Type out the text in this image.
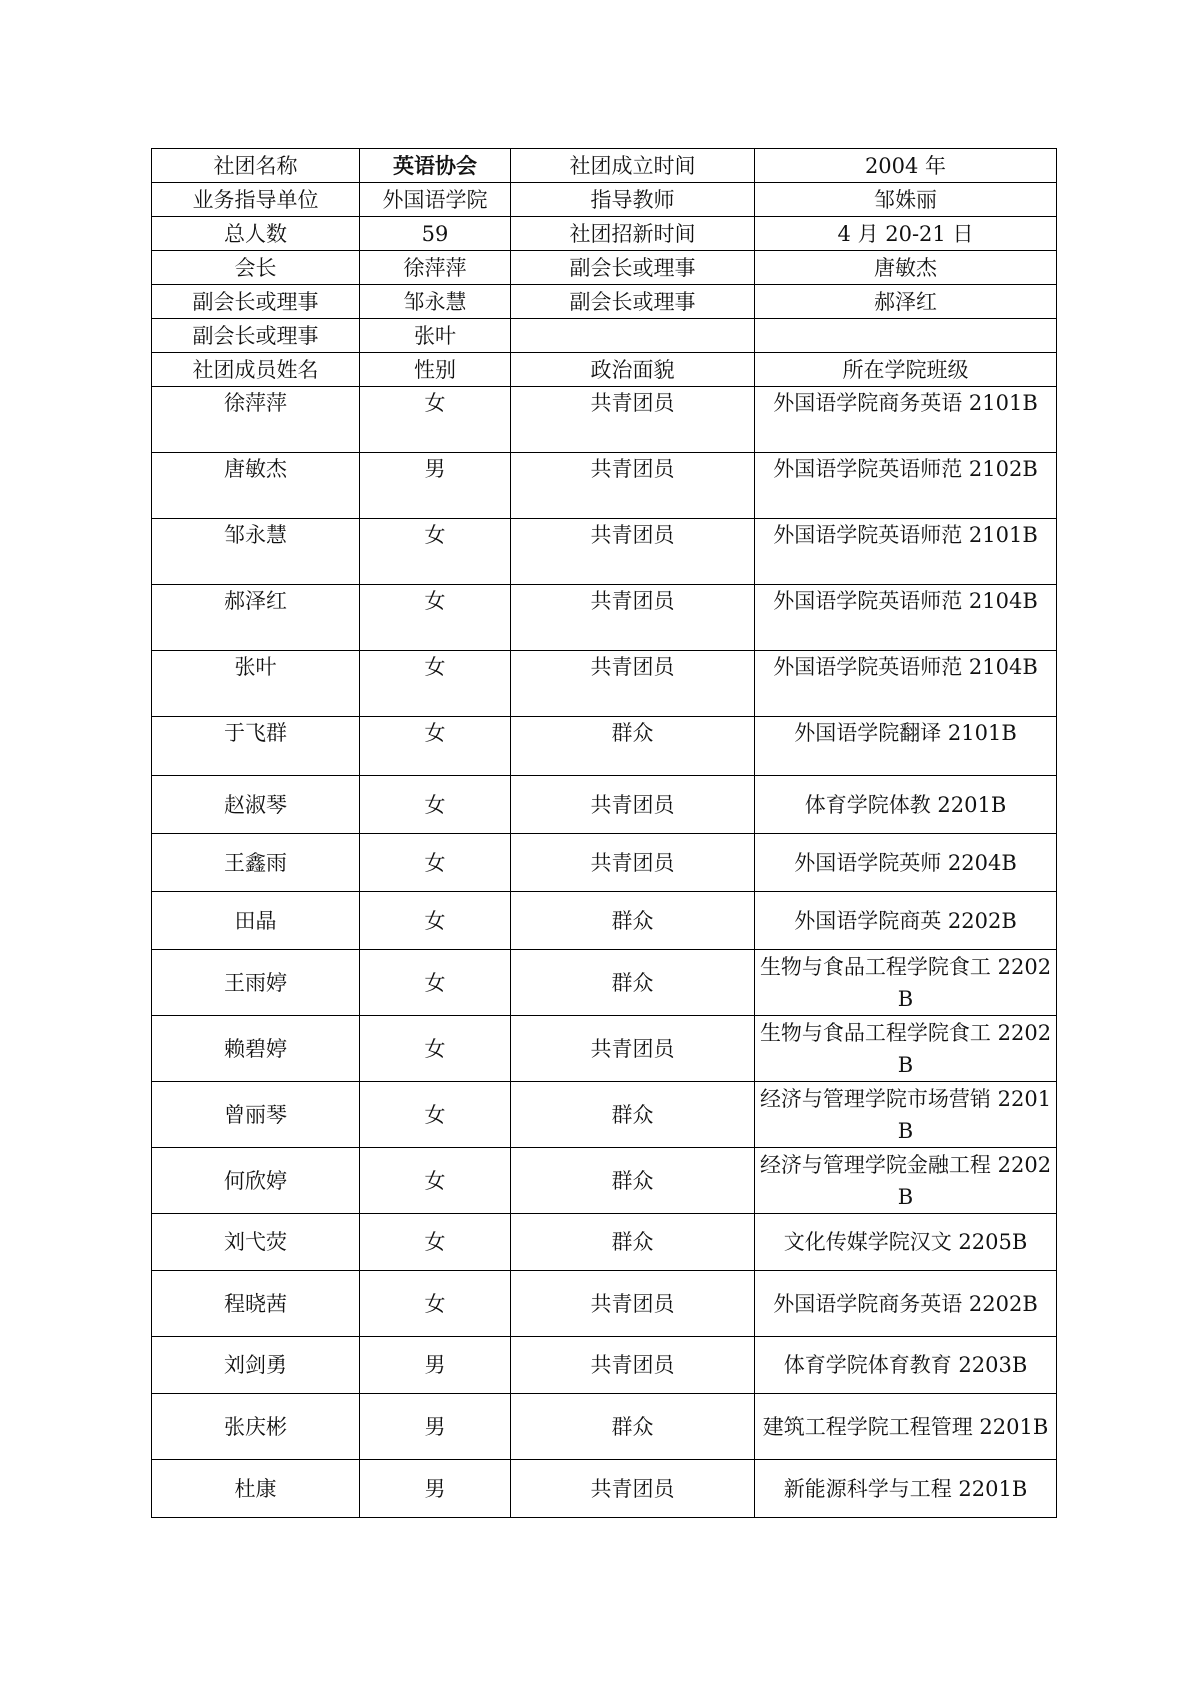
社团名称	英语协会	社团成立时间	2004 年
业务指导单位	外国语学院	指导教师	邹姝丽
总人数	59	社团招新时间	4 月 20-21 日
会长	徐萍萍	副会长或理事	唐敏杰
副会长或理事	邹永慧	副会长或理事	郝泽红
副会长或理事	张叶		
社团成员姓名	性别	政治面貌	所在学院班级
徐萍萍	女	共青团员	外国语学院商务英语 2101B
唐敏杰	男	共青团员	外国语学院英语师范 2102B
邹永慧	女	共青团员	外国语学院英语师范 2101B
郝泽红	女	共青团员	外国语学院英语师范 2104B
张叶	女	共青团员	外国语学院英语师范 2104B
于飞群	女	群众	外国语学院翻译 2101B
赵淑琴	女	共青团员	体育学院体教 2201B
王鑫雨	女	共青团员	外国语学院英师 2204B
田晶	女	群众	外国语学院商英 2202B
王雨婷	女	群众	生物与食品工程学院食工 2202B
赖碧婷	女	共青团员	生物与食品工程学院食工 2202B
曾丽琴	女	群众	经济与管理学院市场营销 2201B
何欣婷	女	群众	经济与管理学院金融工程 2202B
刘弋荧	女	群众	文化传媒学院汉文 2205B
程晓茜	女	共青团员	外国语学院商务英语 2202B
刘剑勇	男	共青团员	体育学院体育教育 2203B
张庆彬	男	群众	建筑工程学院工程管理 2201B
杜康	男	共青团员	新能源科学与工程 2201B
